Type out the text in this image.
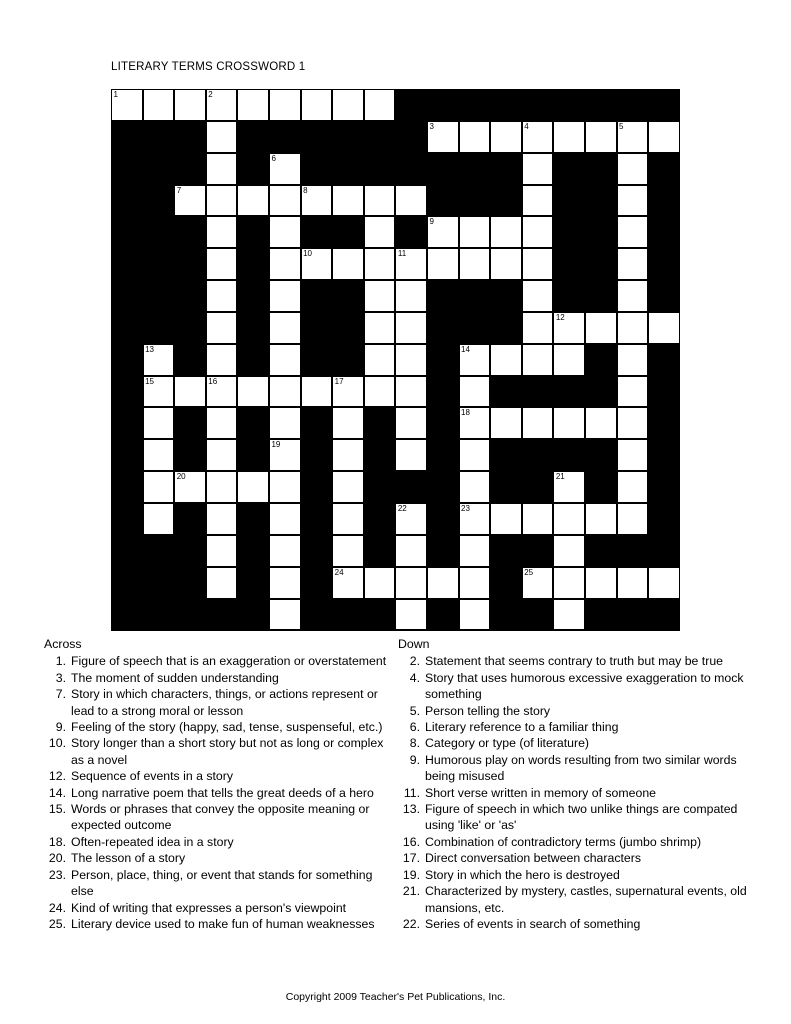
LITERARY TERMS CROSSWORD 1
1	2
3	4	5
6
7	8
9
10	11
12
13	14
15	16	17
18
19
20	21
22	23
24	25
Across
1. Figure of speech that is an exaggeration or overstatement
3. The moment of sudden understanding
7. Story in which characters, things, or actions represent or lead to a strong moral or lesson
9. Feeling of the story (happy, sad, tense, suspenseful, etc.)
10. Story longer than a short story but not as long or complex as a novel
12. Sequence of events in a story
14. Long narrative poem that tells the great deeds of a hero
15. Words or phrases that convey the opposite meaning or expected outcome
18. Often-repeated idea in a story
20. The lesson of a story
23. Person, place, thing, or event that stands for something else
24. Kind of writing that expresses a person's viewpoint
25. Literary device used to make fun of human weaknesses
Down
2. Statement that seems contrary to truth but may be true
4. Story that uses humorous excessive exaggeration to mock something
5. Person telling the story
6. Literary reference to a familiar thing
8. Category or type (of literature)
9. Humorous play on words resulting from two similar words being misused
11. Short verse written in memory of someone
13. Figure of speech in which two unlike things are compated using 'like' or 'as'
16. Combination of contradictory terms (jumbo shrimp)
17. Direct conversation between characters
19. Story in which the hero is destroyed
21. Characterized by mystery, castles, supernatural events, old mansions, etc.
22. Series of events in search of something
Copyright 2009 Teacher's Pet Publications, Inc.
